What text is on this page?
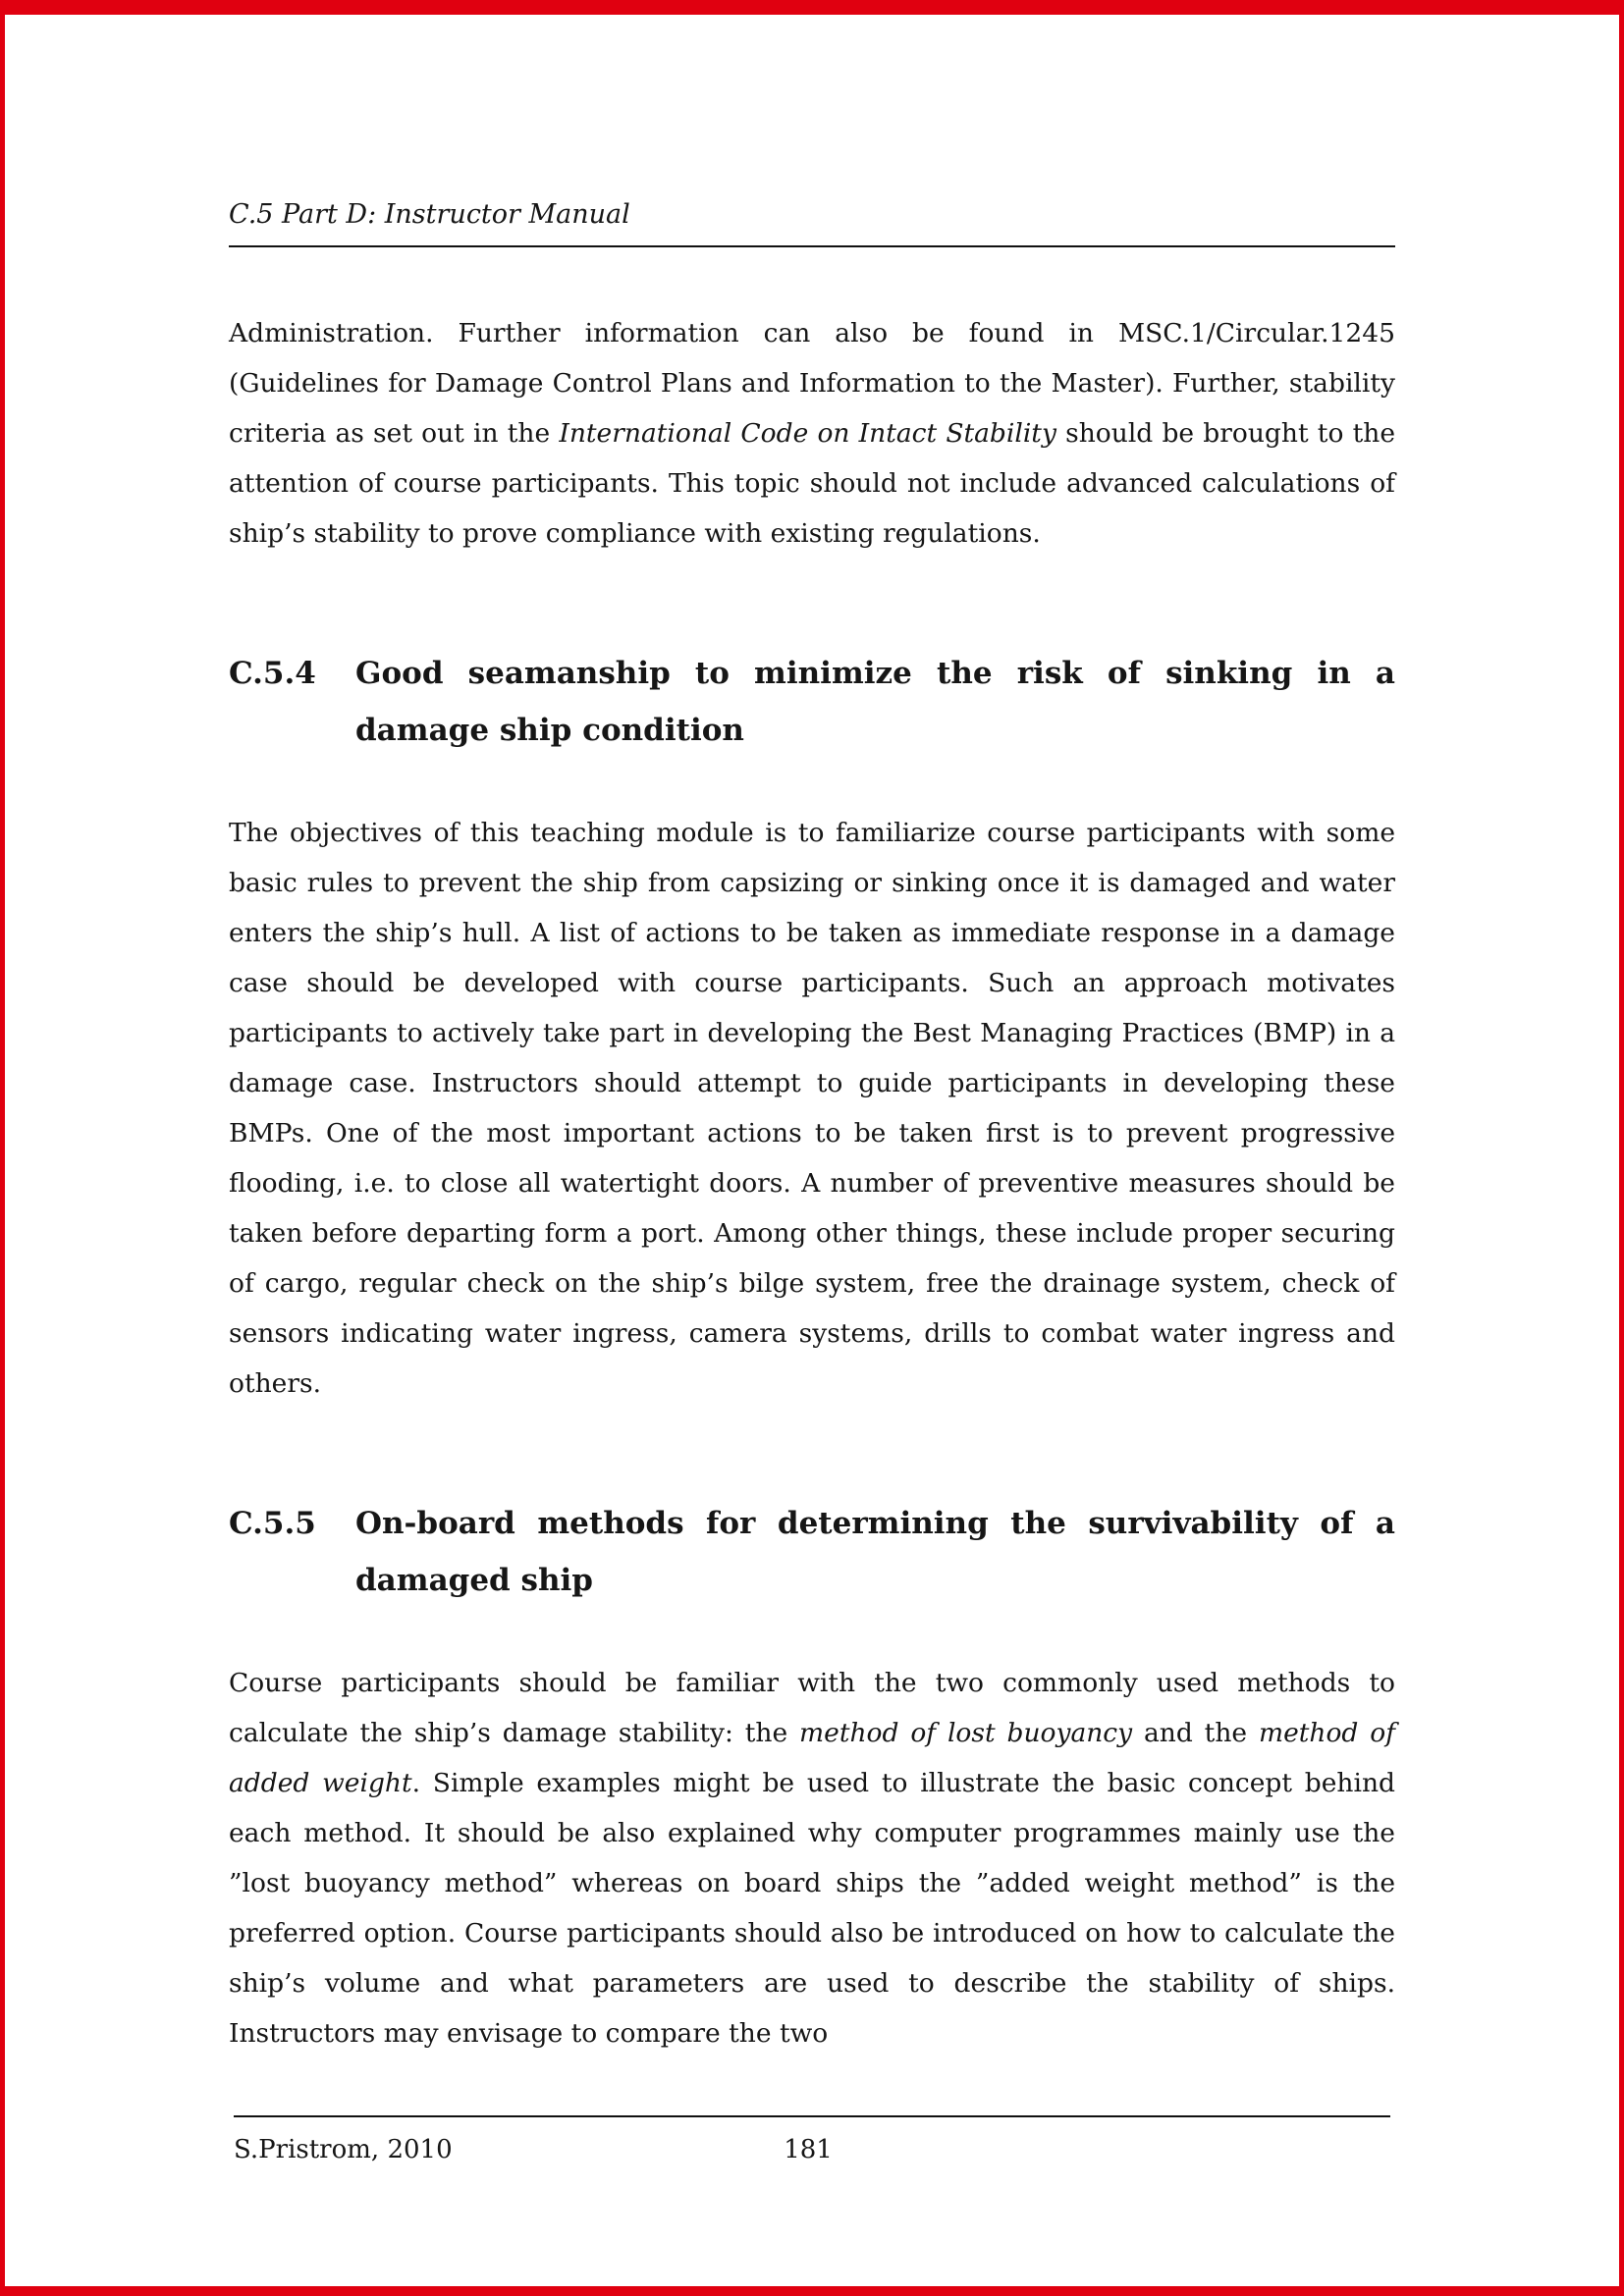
C.5 Part D: Instructor Manual

Administration. Further information can also be found in MSC.1/Circular.1245 (Guidelines for Damage Control Plans and Information to the Master). Further, stability criteria as set out in the International Code on Intact Stability should be brought to the attention of course participants. This topic should not include advanced calculations of ship’s stability to prove compliance with existing regulations.

C.5.4	Good seamanship to minimize the risk of sinking in a damage ship condition

The objectives of this teaching module is to familiarize course participants with some basic rules to prevent the ship from capsizing or sinking once it is damaged and water enters the ship’s hull. A list of actions to be taken as immediate response in a damage case should be developed with course participants. Such an approach motivates participants to actively take part in developing the Best Managing Practices (BMP) in a damage case. Instructors should attempt to guide participants in developing these BMPs. One of the most important actions to be taken first is to prevent progressive flooding, i.e. to close all watertight doors. A number of preventive measures should be taken before departing form a port. Among other things, these include proper securing of cargo, regular check on the ship’s bilge system, free the drainage system, check of sensors indicating water ingress, camera systems, drills to combat water ingress and others.

C.5.5	On-board methods for determining the survivability of a damaged ship

Course participants should be familiar with the two commonly used methods to calculate the ship’s damage stability: the method of lost buoyancy and the method of added weight. Simple examples might be used to illustrate the basic concept behind each method. It should be also explained why computer programmes mainly use the ”lost buoyancy method” whereas on board ships the ”added weight method” is the preferred option. Course participants should also be introduced on how to calculate the ship’s volume and what parameters are used to describe the stability of ships. Instructors may envisage to compare the two

S.Pristrom, 2010	181
